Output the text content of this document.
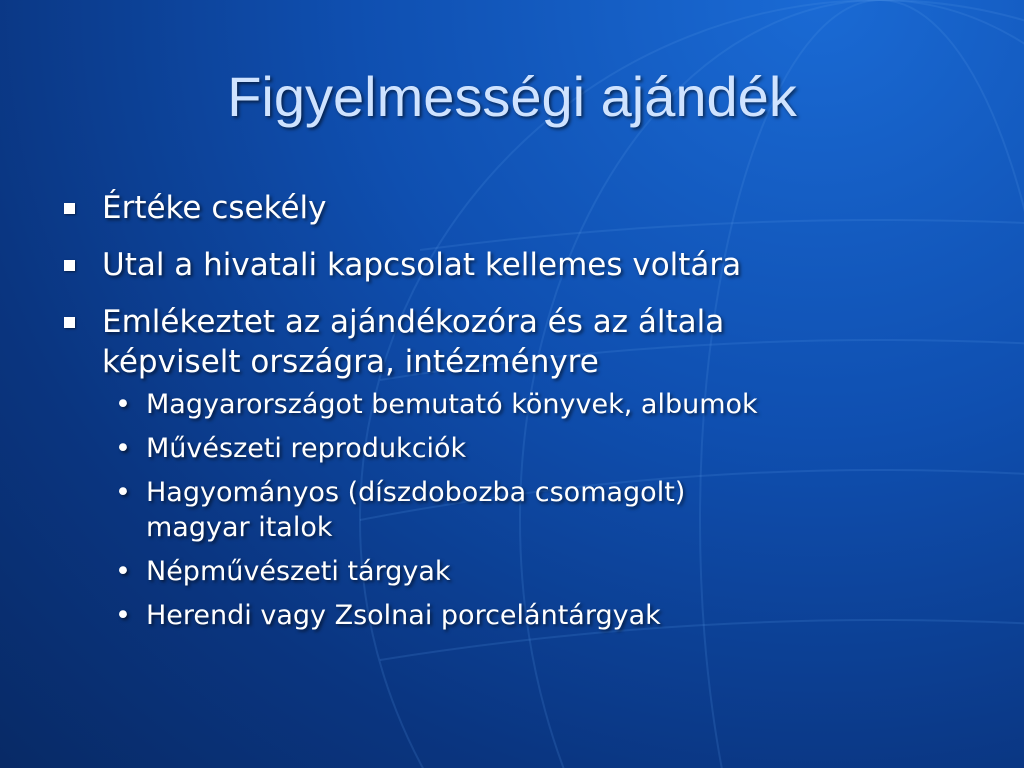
Figyelmességi ajándék
Értéke csekély
Utal a hivatali kapcsolat kellemes voltára
Emlékeztet az ajándékozóra és az általa
képviselt országra, intézményre
• Magyarországot bemutató könyvek, albumok
• Művészeti reprodukciók
• Hagyományos (díszdobozba csomagolt)
magyar italok
• Népművészeti tárgyak
• Herendi vagy Zsolnai porcelántárgyak
